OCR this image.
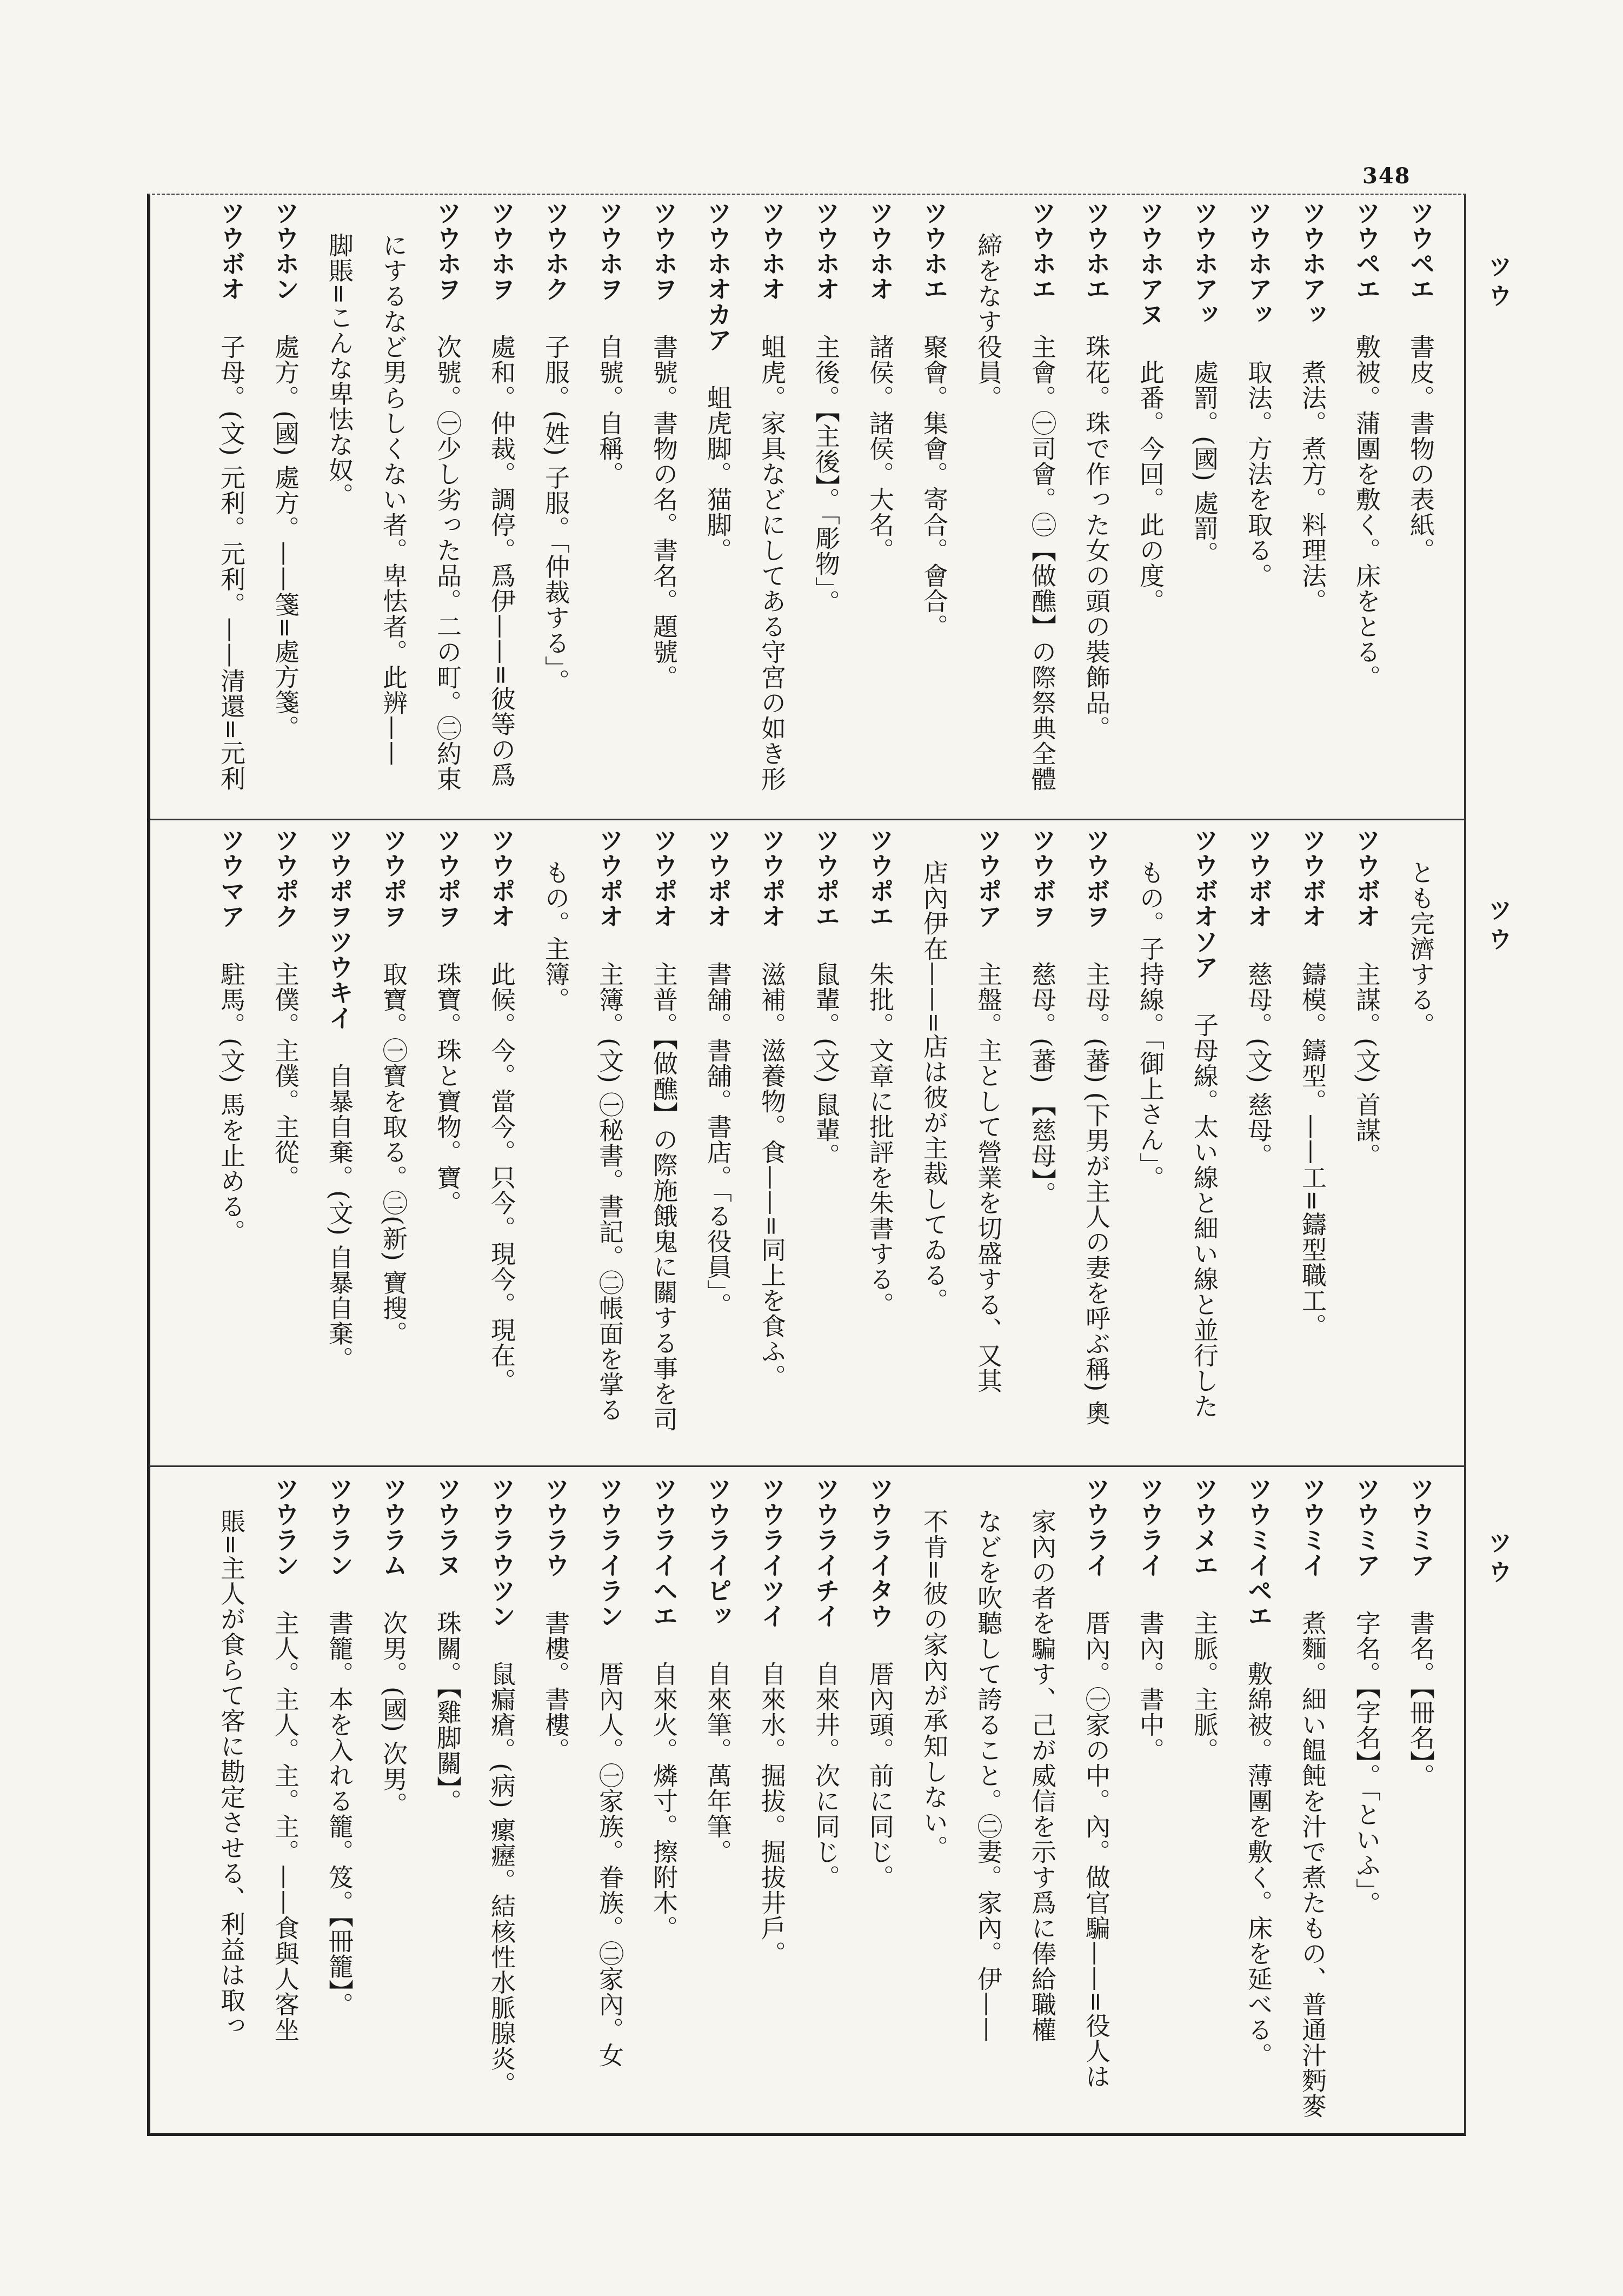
348
ツウ
ツウ
ツウ
ツウペエ　書皮。書物の表紙。
ツウペエ　敷被。蒲團を敷く。床をとる。
ツウホアッ　煮法。煮方。料理法。
ツウホアッ　取法。方法を取る。
ツウホアッ　處罰。(國) 處罰。
ツウホアヌ　此番。今回。此の度。
ツウホエ　珠花。珠で作った女の頭の裝飾品。
ツウホエ　主會。㊀司會。㊁【做醮】の際祭典全體
締をなす役員。
ツウホエ　聚會。集會。寄合。會合。
ツウホオ　諸侯。諸侯。大名。
ツウホオ　主後。【主後】。「彫物」。
ツウホオ　蛆虎。家具などにしてある守宮の如き形
ツウホオカア　蛆虎脚。猫脚。
ツウホヲ　書號。書物の名。書名。題號。
ツウホヲ　自號。自稱。
ツウホク　子服。(姓) 子服。「仲裁する」。
ツウホヲ　處和。仲裁。調停。爲伊——=彼等の爲
ツウホヲ　次號。㊀少し劣った品。二の町。㊁約束
にするなど男らしくない者。卑怯者。此辨——
脚賬=こんな卑怯な奴。
ツウホン　處方。(國) 處方。——箋=處方箋。
ツウボオ　子母。(文) 元利。元利。——清還=元利
とも完濟する。
ツウボオ　主謀。(文) 首謀。
ツウボオ　鑄模。鑄型。——工=鑄型職工。
ツウボオ　慈母。(文) 慈母。
ツウボオソア　子母線。太い線と細い線と並行した
もの。子持線。「御上さん」。
ツウボヲ　主母。(蕃) (下男が主人の妻を呼ぶ稱) 奧
ツウボヲ　慈母。(蕃) 【慈母】。
ツウポア　主盤。主として營業を切盛する、又其
店內伊在——=店は彼が主裁してゐる。
ツウポエ　朱批。文章に批評を朱書する。
ツウポエ　鼠輩。(文) 鼠輩。
ツウポオ　滋補。滋養物。食——=同上を食ふ。
ツウポオ　書舖。書舖。書店。「る役員」。
ツウポオ　主普。【做醮】の際施餓鬼に關する事を司
ツウポオ　主簿。(文) ㊀秘書。書記。㊁帳面を掌る
もの。主簿。
ツウポオ　此候。今。當今。只今。現今。現在。
ツウポヲ　珠寶。珠と寶物。寶。
ツウポヲ　取寶。㊀寶を取る。㊁(新) 寶搜。
ツウポヲツウキイ　自暴自棄。(文) 自暴自棄。
ツウポク　主僕。主僕。主從。
ツウマア　駐馬。(文) 馬を止める。
ツウミア　書名。【冊名】。
ツウミア　字名。【字名】。「といふ」。
ツウミイ　煮麵。細い饂飩を汁で煮たもの、普通汁麪麥
ツウミイペエ　敷綿被。薄團を敷く。床を延べる。
ツウメエ　主脈。主脈。
ツウライ　書內。書中。
ツウライ　厝內。㊀家の中。內。做官騙——=役人は
家內の者を騙す、己が威信を示す爲に俸給職權
などを吹聽して誇ること。㊁妻。家內。伊——
不肯=彼の家內が承知しない。
ツウライタウ　厝內頭。前に同じ。
ツウライチイ　自來井。次に同じ。
ツウライツイ　自來水。掘拔。掘拔井戶。
ツウライピッ　自來筆。萬年筆。
ツウライヘエ　自來火。燐寸。擦附木。
ツウライラン　厝內人。㊀家族。眷族。㊁家內。女
ツウラウ　書樓。書樓。
ツウラウツン　鼠瘺瘡。(病) 瘰癧。結核性水脈腺炎。
ツウラヌ　珠關。【雞脚關】。
ツウラム　次男。(國) 次男。
ツウラン　書籠。本を入れる籠。笈。【冊籠】。
ツウラン　主人。主人。主。主。——食與人客坐
賬=主人が食らて客に勘定させる、利益は取っ
